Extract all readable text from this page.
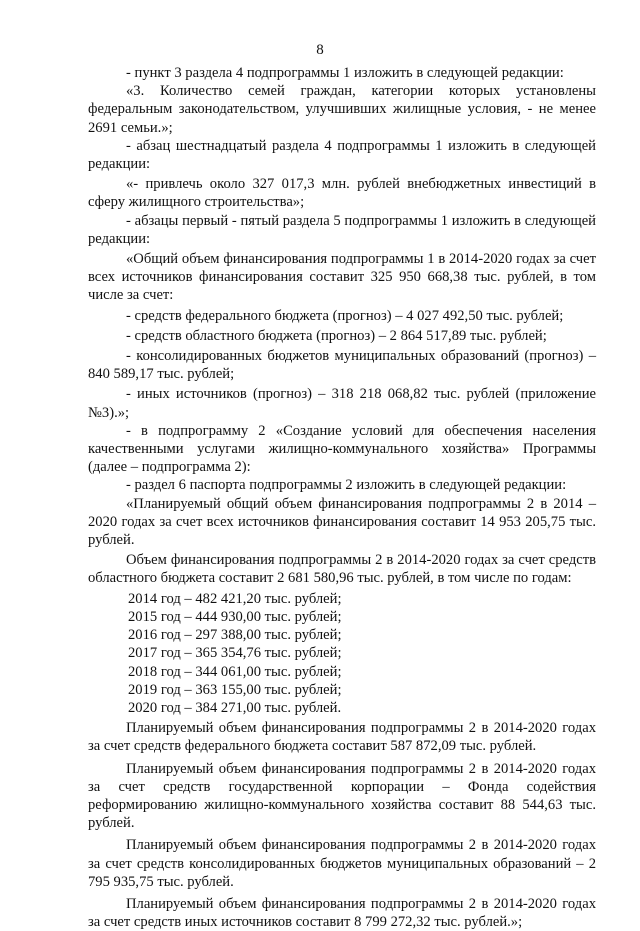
8

- пункт 3 раздела 4 подпрограммы 1 изложить в следующей редакции:

«3. Количество семей граждан, категории которых установлены федеральным законодательством, улучшивших жилищные условия, - не менее 2691 семьи.»;

- абзац шестнадцатый раздела 4 подпрограммы 1 изложить в следующей редакции:

«- привлечь около 327 017,3 млн. рублей внебюджетных инвестиций в сферу жилищного строительства»;

- абзацы первый - пятый раздела 5 подпрограммы 1 изложить в следующей редакции:

«Общий объем финансирования подпрограммы 1 в 2014-2020 годах за счет всех источников финансирования составит 325 950 668,38 тыс. рублей, в том числе за счет:

- средств федерального бюджета (прогноз) – 4 027 492,50 тыс. рублей;

- средств областного бюджета (прогноз) – 2 864 517,89 тыс. рублей;

- консолидированных бюджетов муниципальных образований (прогноз) – 840 589,17 тыс. рублей;

- иных источников (прогноз) – 318 218 068,82 тыс. рублей (приложение №3).»;

- в подпрограмму 2 «Создание условий для обеспечения населения качественными услугами жилищно-коммунального хозяйства» Программы (далее – подпрограмма 2):

- раздел 6 паспорта подпрограммы 2 изложить в следующей редакции:

«Планируемый общий объем финансирования подпрограммы 2 в 2014 – 2020 годах за счет всех источников финансирования составит 14 953 205,75 тыс. рублей.

Объем финансирования подпрограммы 2 в 2014-2020 годах за счет средств областного бюджета составит 2 681 580,96 тыс. рублей, в том числе по годам:

2014 год – 482 421,20 тыс. рублей;

2015 год – 444 930,00 тыс. рублей;

2016 год – 297 388,00 тыс. рублей;

2017 год – 365 354,76 тыс. рублей;

2018 год – 344 061,00 тыс. рублей;

2019 год – 363 155,00 тыс. рублей;

2020 год – 384 271,00 тыс. рублей.

Планируемый объем финансирования подпрограммы 2 в 2014-2020 годах за счет средств федерального бюджета составит 587 872,09 тыс. рублей.

Планируемый объем финансирования подпрограммы 2 в 2014-2020 годах за счет средств государственной корпорации – Фонда содействия реформированию жилищно-коммунального хозяйства составит 88 544,63 тыс. рублей.

Планируемый объем финансирования подпрограммы 2 в 2014-2020 годах за счет средств консолидированных бюджетов муниципальных образований – 2 795 935,75 тыс. рублей.

Планируемый объем финансирования подпрограммы 2 в 2014-2020 годах за счет средств иных источников составит 8 799 272,32 тыс. рублей.»;
